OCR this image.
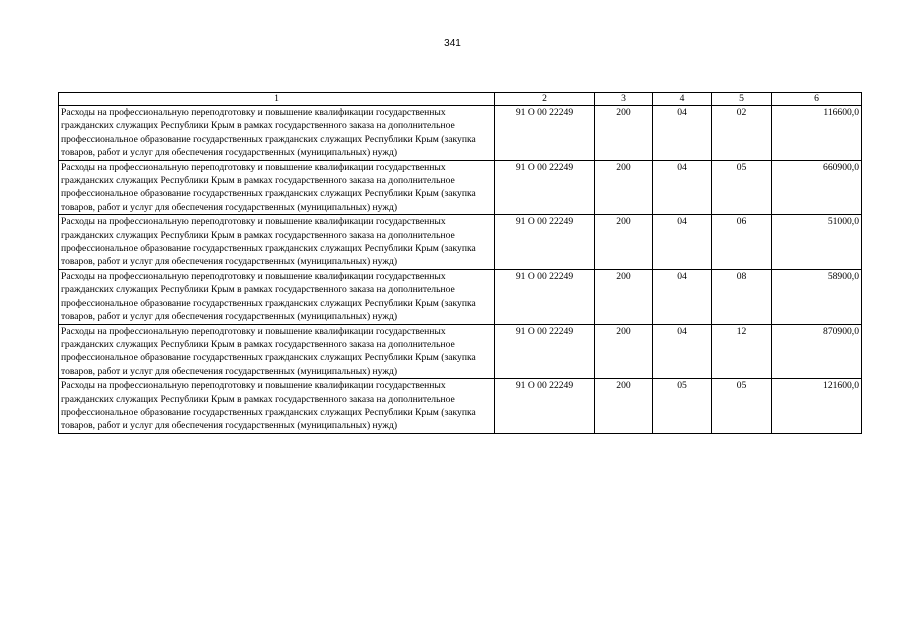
341
1	2	3	4	5	6
Расходы на профессиональную переподготовку и повышение квалификации государственных гражданских служащих Республики Крым в рамках государственного заказа на дополнительное профессиональное образование государственных гражданских служащих Республики Крым (закупка товаров, работ и услуг для обеспечения государственных (муниципальных) нужд)	91 О 00 22249	200	04	02	116600,0
Расходы на профессиональную переподготовку и повышение квалификации государственных гражданских служащих Республики Крым в рамках государственного заказа на дополнительное профессиональное образование государственных гражданских служащих Республики Крым (закупка товаров, работ и услуг для обеспечения государственных (муниципальных) нужд)	91 О 00 22249	200	04	05	660900,0
Расходы на профессиональную переподготовку и повышение квалификации государственных гражданских служащих Республики Крым в рамках государственного заказа на дополнительное профессиональное образование государственных гражданских служащих Республики Крым (закупка товаров, работ и услуг для обеспечения государственных (муниципальных) нужд)	91 О 00 22249	200	04	06	51000,0
Расходы на профессиональную переподготовку и повышение квалификации государственных гражданских служащих Республики Крым в рамках государственного заказа на дополнительное профессиональное образование государственных гражданских служащих Республики Крым (закупка товаров, работ и услуг для обеспечения государственных (муниципальных) нужд)	91 О 00 22249	200	04	08	58900,0
Расходы на профессиональную переподготовку и повышение квалификации государственных гражданских служащих Республики Крым в рамках государственного заказа на дополнительное профессиональное образование государственных гражданских служащих Республики Крым (закупка товаров, работ и услуг для обеспечения государственных (муниципальных) нужд)	91 О 00 22249	200	04	12	870900,0
Расходы на профессиональную переподготовку и повышение квалификации государственных гражданских служащих Республики Крым в рамках государственного заказа на дополнительное профессиональное образование государственных гражданских служащих Республики Крым (закупка товаров, работ и услуг для обеспечения государственных (муниципальных) нужд)	91 О 00 22249	200	05	05	121600,0
